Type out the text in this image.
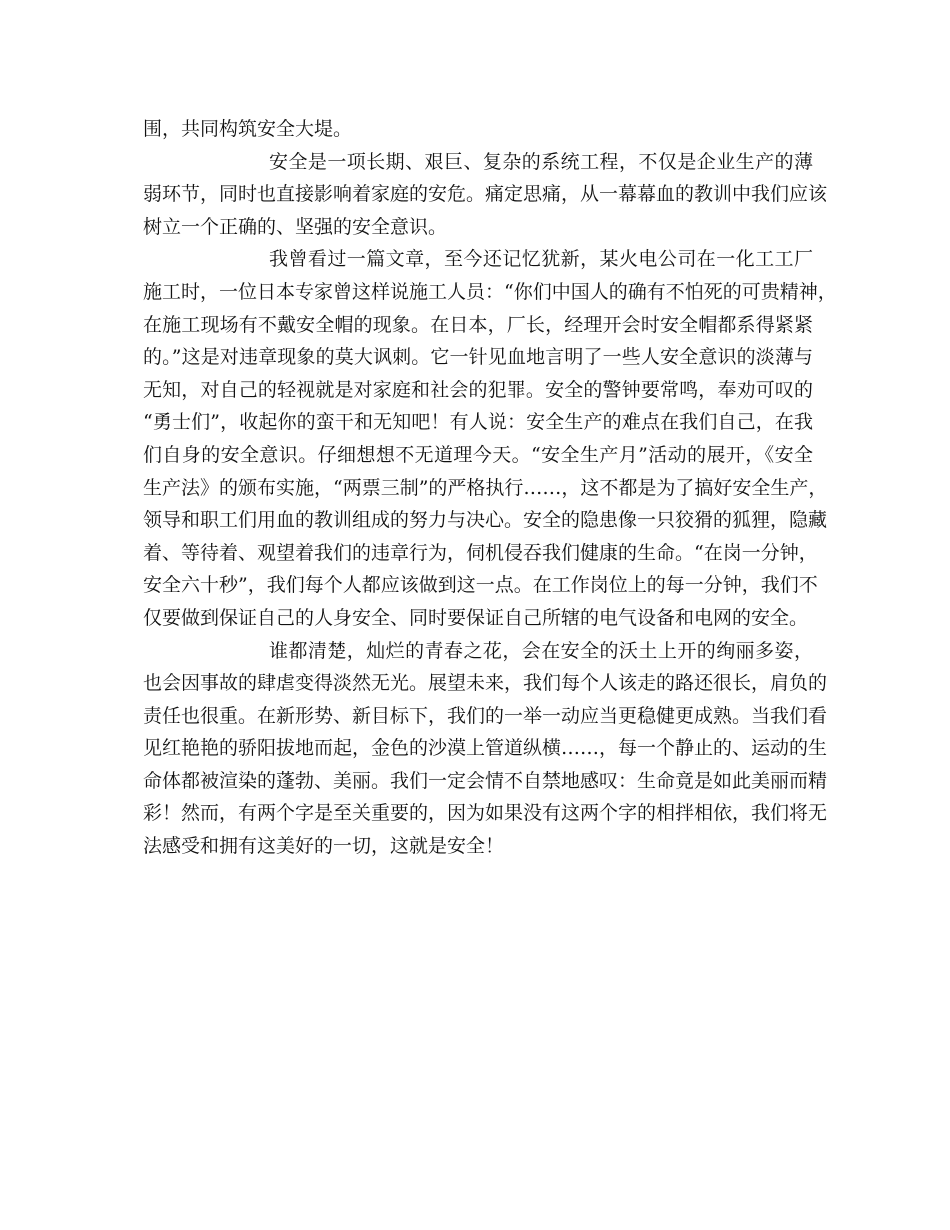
围，共同构筑安全大堤。
安全是一项长期、艰巨、复杂的系统工程，不仅是企业生产的薄
弱环节，同时也直接影响着家庭的安危。痛定思痛，从一幕幕血的教训中我们应该
树立一个正确的、坚强的安全意识。
我曾看过一篇文章，至今还记忆犹新，某火电公司在一化工工厂
施工时，一位日本专家曾这样说施工人员：“你们中国人的确有不怕死的可贵精神，
在施工现场有不戴安全帽的现象。在日本，厂长，经理开会时安全帽都系得紧紧
的。”这是对违章现象的莫大讽刺。它一针见血地言明了一些人安全意识的淡薄与
无知，对自己的轻视就是对家庭和社会的犯罪。安全的警钟要常鸣，奉劝可叹的
“勇士们”，收起你的蛮干和无知吧！有人说：安全生产的难点在我们自己，在我
们自身的安全意识。仔细想想不无道理今天。“安全生产月”活动的展开，《安全
生产法》的颁布实施，“两票三制”的严格执行……，这不都是为了搞好安全生产，
领导和职工们用血的教训组成的努力与决心。安全的隐患像一只狡猾的狐狸，隐藏
着、等待着、观望着我们的违章行为，伺机侵吞我们健康的生命。“在岗一分钟，
安全六十秒”，我们每个人都应该做到这一点。在工作岗位上的每一分钟，我们不
仅要做到保证自己的人身安全、同时要保证自己所辖的电气设备和电网的安全。
谁都清楚，灿烂的青春之花，会在安全的沃土上开的绚丽多姿，
也会因事故的肆虐变得淡然无光。展望未来，我们每个人该走的路还很长，肩负的
责任也很重。在新形势、新目标下，我们的一举一动应当更稳健更成熟。当我们看
见红艳艳的骄阳拔地而起，金色的沙漠上管道纵横……，每一个静止的、运动的生
命体都被渲染的蓬勃、美丽。我们一定会情不自禁地感叹：生命竟是如此美丽而精
彩！然而，有两个字是至关重要的，因为如果没有这两个字的相拌相依，我们将无
法感受和拥有这美好的一切，这就是安全！
